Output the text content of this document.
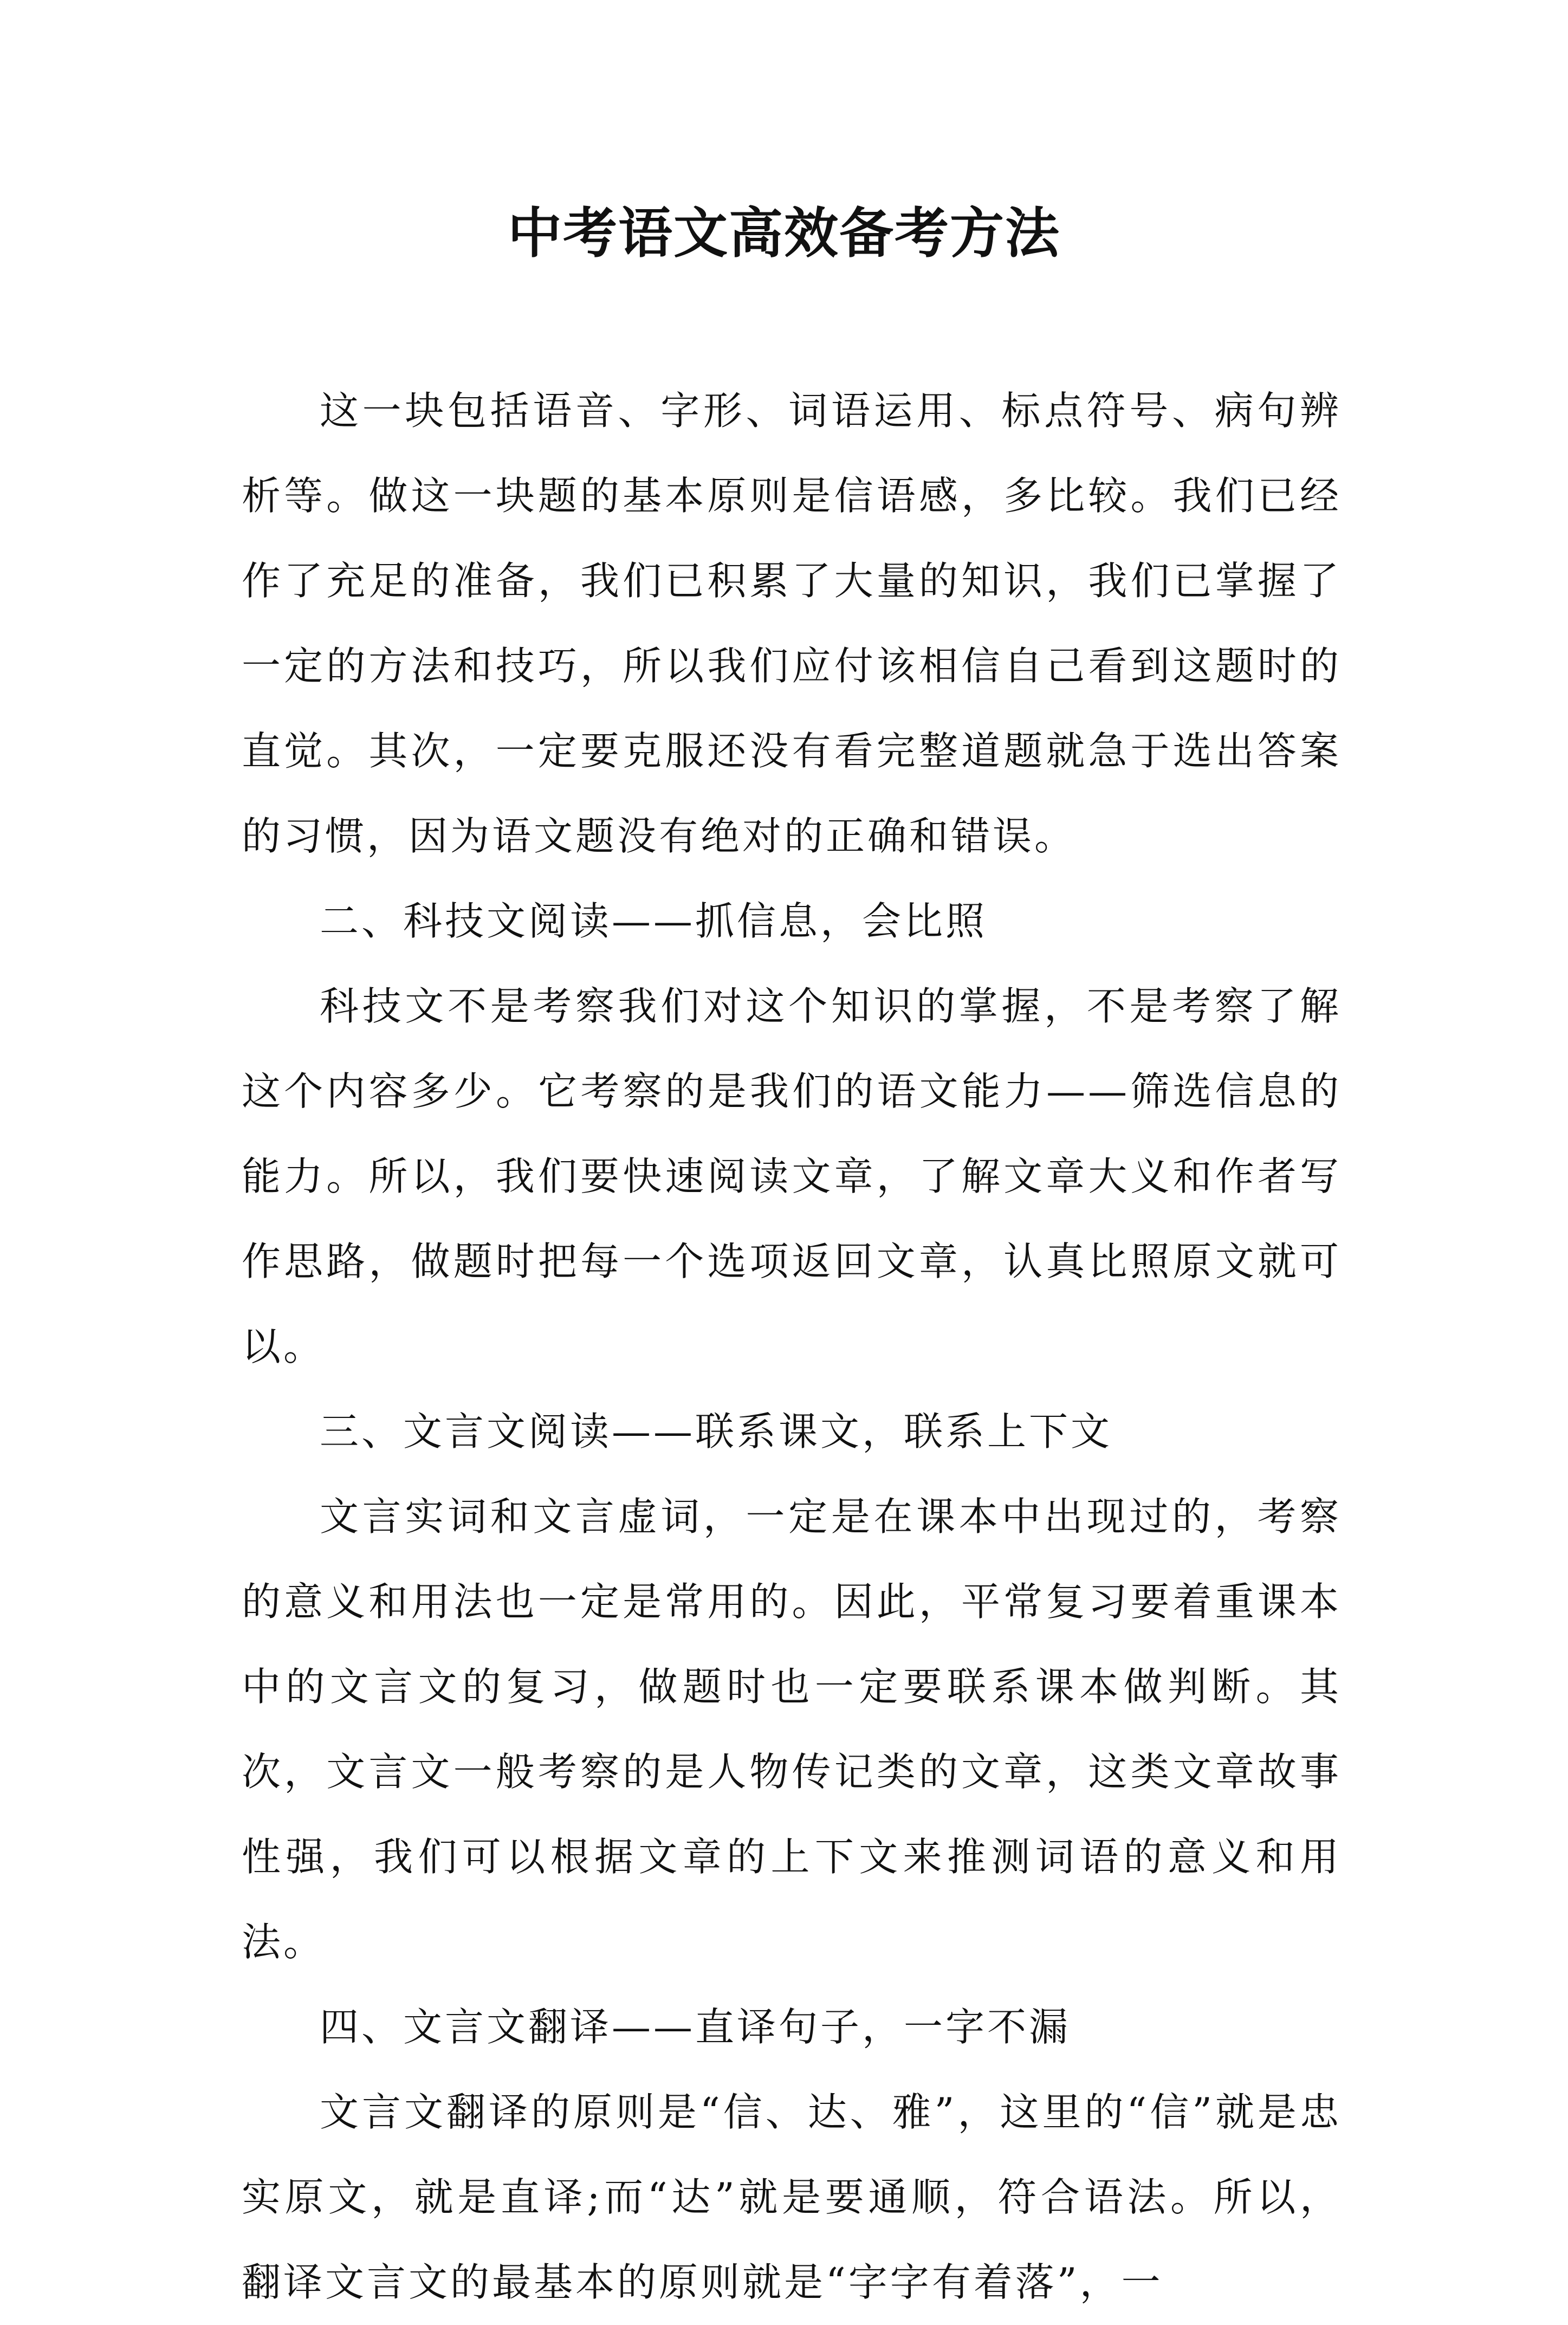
中考语文高效备考方法

这一块包括语音、字形、词语运用、标点符号、病句辨析等。做这一块题的基本原则是信语感，多比较。我们已经作了充足的准备，我们已积累了大量的知识，我们已掌握了一定的方法和技巧，所以我们应付该相信自己看到这题时的直觉。其次，一定要克服还没有看完整道题就急于选出答案的习惯，因为语文题没有绝对的正确和错误。

二、科技文阅读——抓信息，会比照

科技文不是考察我们对这个知识的掌握，不是考察了解这个内容多少。它考察的是我们的语文能力——筛选信息的能力。所以，我们要快速阅读文章，了解文章大义和作者写作思路，做题时把每一个选项返回文章，认真比照原文就可以。

三、文言文阅读——联系课文，联系上下文

文言实词和文言虚词，一定是在课本中出现过的，考察的意义和用法也一定是常用的。因此，平常复习要着重课本中的文言文的复习，做题时也一定要联系课本做判断。其次，文言文一般考察的是人物传记类的文章，这类文章故事性强，我们可以根据文章的上下文来推测词语的意义和用法。

四、文言文翻译——直译句子，一字不漏

文言文翻译的原则是“信、达、雅”，这里的“信”就是忠实原文，就是直译;而“达”就是要通顺，符合语法。所以，翻译文言文的最基本的原则就是“字字有着落”，一
